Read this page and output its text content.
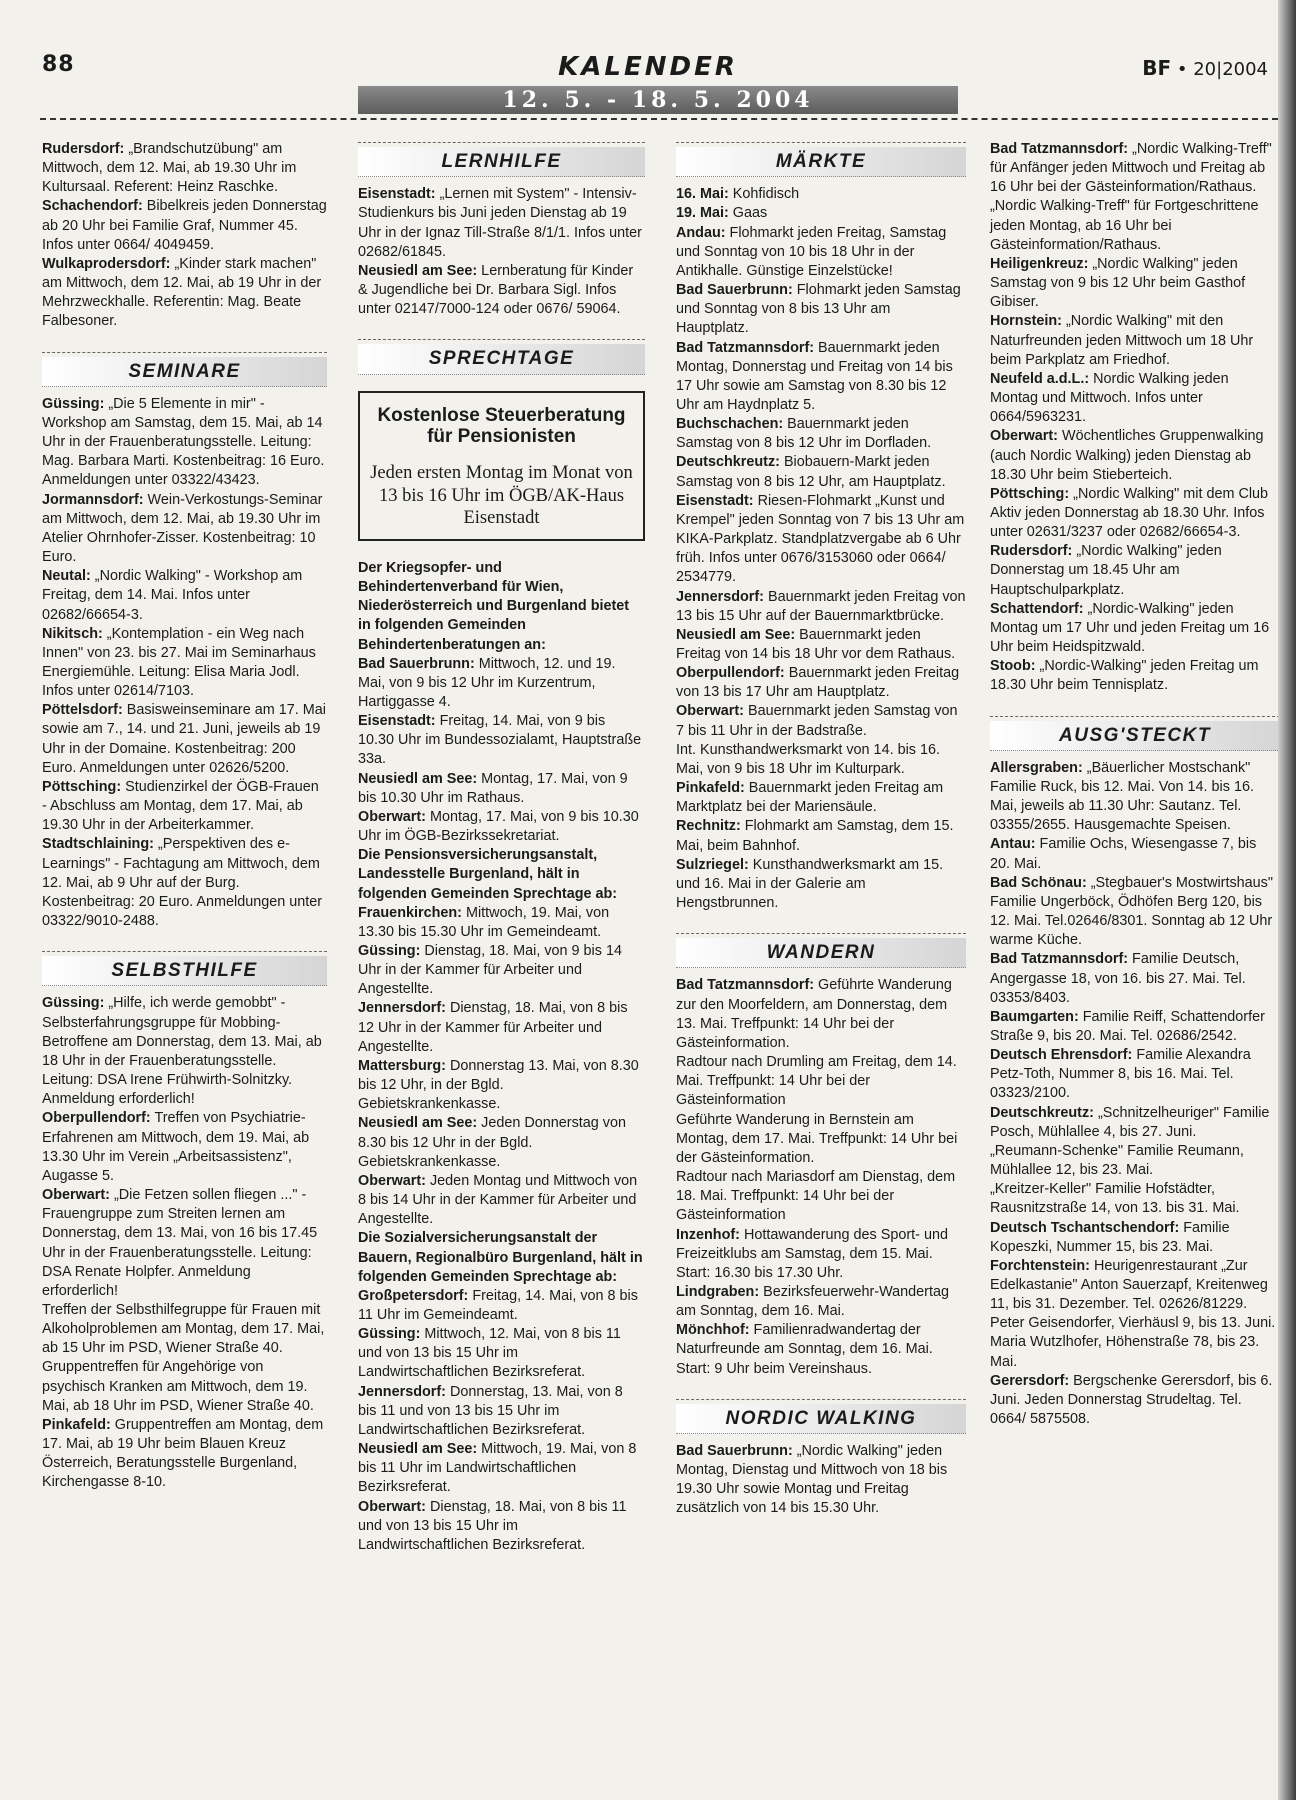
88	KALENDER	BF • 20|2004
12. 5. - 18. 5. 2004

Rudersdorf: „Brandschutzübung" am Mittwoch, dem 12. Mai, ab 19.30 Uhr im Kultursaal. Referent: Heinz Raschke.

Schachendorf: Bibelkreis jeden Donnerstag ab 20 Uhr bei Familie Graf, Nummer 45. Infos unter 0664/ 4049459.

Wulkaprodersdorf: „Kinder stark machen" am Mittwoch, dem 12. Mai, ab 19 Uhr in der Mehrzweckhalle. Referentin: Mag. Beate Falbesoner.

SEMINARE

Güssing: „Die 5 Elemente in mir" - Workshop am Samstag, dem 15. Mai, ab 14 Uhr in der Frauenberatungsstelle. Leitung: Mag. Barbara Marti. Kostenbeitrag: 16 Euro. Anmeldungen unter 03322/43423.

Jormannsdorf: Wein-Verkostungs-Seminar am Mittwoch, dem 12. Mai, ab 19.30 Uhr im Atelier Ohrnhofer-Zisser. Kostenbeitrag: 10 Euro.

Neutal: „Nordic Walking" - Workshop am Freitag, dem 14. Mai. Infos unter 02682/66654-3.

Nikitsch: „Kontemplation - ein Weg nach Innen" von 23. bis 27. Mai im Seminarhaus Energiemühle. Leitung: Elisa Maria Jodl. Infos unter 02614/7103.

Pöttelsdorf: Basisweinseminare am 17. Mai sowie am 7., 14. und 21. Juni, jeweils ab 19 Uhr in der Domaine. Kostenbeitrag: 200 Euro. Anmeldungen unter 02626/5200.

Pöttsching: Studienzirkel der ÖGB-Frauen - Abschluss am Montag, dem 17. Mai, ab 19.30 Uhr in der Arbeiterkammer.

Stadtschlaining: „Perspektiven des e-Learnings" - Fachtagung am Mittwoch, dem 12. Mai, ab 9 Uhr auf der Burg. Kostenbeitrag: 20 Euro. Anmeldungen unter 03322/9010-2488.

SELBSTHILFE

Güssing: „Hilfe, ich werde gemobbt" - Selbsterfahrungsgruppe für Mobbing-Betroffene am Donnerstag, dem 13. Mai, ab 18 Uhr in der Frauenberatungsstelle. Leitung: DSA Irene Frühwirth-Solnitzky. Anmeldung erforderlich!

Oberpullendorf: Treffen von Psychiatrie-Erfahrenen am Mittwoch, dem 19. Mai, ab 13.30 Uhr im Verein „Arbeitsassistenz", Augasse 5.

Oberwart: „Die Fetzen sollen fliegen ..." - Frauengruppe zum Streiten lernen am Donnerstag, dem 13. Mai, von 16 bis 17.45 Uhr in der Frauenberatungsstelle. Leitung: DSA Renate Holpfer. Anmeldung erforderlich!

Treffen der Selbsthilfegruppe für Frauen mit Alkoholproblemen am Montag, dem 17. Mai, ab 15 Uhr im PSD, Wiener Straße 40.

Gruppentreffen für Angehörige von psychisch Kranken am Mittwoch, dem 19. Mai, ab 18 Uhr im PSD, Wiener Straße 40.

Pinkafeld: Gruppentreffen am Montag, dem 17. Mai, ab 19 Uhr beim Blauen Kreuz Österreich, Beratungsstelle Burgenland, Kirchengasse 8-10.

LERNHILFE

Eisenstadt: „Lernen mit System" - Intensiv-Studienkurs bis Juni jeden Dienstag ab 19 Uhr in der Ignaz Till-Straße 8/1/1. Infos unter 02682/61845.

Neusiedl am See: Lernberatung für Kinder & Jugendliche bei Dr. Barbara Sigl. Infos unter 02147/7000-124 oder 0676/ 59064.

SPRECHTAGE
Kostenlose Steuerberatung für Pensionisten
Jeden ersten Montag im Monat von 13 bis 16 Uhr im ÖGB/AK-Haus Eisenstadt

Der Kriegsopfer- und Behindertenverband für Wien, Niederösterreich und Burgenland bietet in folgenden Gemeinden Behindertenberatungen an:

Bad Sauerbrunn: Mittwoch, 12. und 19. Mai, von 9 bis 12 Uhr im Kurzentrum, Hartiggasse 4.

Eisenstadt: Freitag, 14. Mai, von 9 bis 10.30 Uhr im Bundessozialamt, Hauptstraße 33a.

Neusiedl am See: Montag, 17. Mai, von 9 bis 10.30 Uhr im Rathaus.

Oberwart: Montag, 17. Mai, von 9 bis 10.30 Uhr im ÖGB-Bezirkssekretariat.

Die Pensionsversicherungsanstalt, Landesstelle Burgenland, hält in folgenden Gemeinden Sprechtage ab:

Frauenkirchen: Mittwoch, 19. Mai, von 13.30 bis 15.30 Uhr im Gemeindeamt.

Güssing: Dienstag, 18. Mai, von 9 bis 14 Uhr in der Kammer für Arbeiter und Angestellte.

Jennersdorf: Dienstag, 18. Mai, von 8 bis 12 Uhr in der Kammer für Arbeiter und Angestellte.

Mattersburg: Donnerstag 13. Mai, von 8.30 bis 12 Uhr, in der Bgld. Gebietskrankenkasse.

Neusiedl am See: Jeden Donnerstag von 8.30 bis 12 Uhr in der Bgld. Gebietskrankenkasse.

Oberwart: Jeden Montag und Mittwoch von 8 bis 14 Uhr in der Kammer für Arbeiter und Angestellte.

Die Sozialversicherungsanstalt der Bauern, Regionalbüro Burgenland, hält in folgenden Gemeinden Sprechtage ab:

Großpetersdorf: Freitag, 14. Mai, von 8 bis 11 Uhr im Gemeindeamt.

Güssing: Mittwoch, 12. Mai, von 8 bis 11 und von 13 bis 15 Uhr im Landwirtschaftlichen Bezirksreferat.

Jennersdorf: Donnerstag, 13. Mai, von 8 bis 11 und von 13 bis 15 Uhr im Landwirtschaftlichen Bezirksreferat.

Neusiedl am See: Mittwoch, 19. Mai, von 8 bis 11 Uhr im Landwirtschaftlichen Bezirksreferat.

Oberwart: Dienstag, 18. Mai, von 8 bis 11 und von 13 bis 15 Uhr im Landwirtschaftlichen Bezirksreferat.

MÄRKTE

16. Mai: Kohfidisch

19. Mai: Gaas

Andau: Flohmarkt jeden Freitag, Samstag und Sonntag von 10 bis 18 Uhr in der Antikhalle. Günstige Einzelstücke!

Bad Sauerbrunn: Flohmarkt jeden Samstag und Sonntag von 8 bis 13 Uhr am Hauptplatz.

Bad Tatzmannsdorf: Bauernmarkt jeden Montag, Donnerstag und Freitag von 14 bis 17 Uhr sowie am Samstag von 8.30 bis 12 Uhr am Haydnplatz 5.

Buchschachen: Bauernmarkt jeden Samstag von 8 bis 12 Uhr im Dorfladen.

Deutschkreutz: Biobauern-Markt jeden Samstag von 8 bis 12 Uhr, am Hauptplatz.

Eisenstadt: Riesen-Flohmarkt „Kunst und Krempel" jeden Sonntag von 7 bis 13 Uhr am KIKA-Parkplatz. Standplatzvergabe ab 6 Uhr früh. Infos unter 0676/3153060 oder 0664/ 2534779.

Jennersdorf: Bauernmarkt jeden Freitag von 13 bis 15 Uhr auf der Bauernmarktbrücke.

Neusiedl am See: Bauernmarkt jeden Freitag von 14 bis 18 Uhr vor dem Rathaus.

Oberpullendorf: Bauernmarkt jeden Freitag von 13 bis 17 Uhr am Hauptplatz.

Oberwart: Bauernmarkt jeden Samstag von 7 bis 11 Uhr in der Badstraße.

Int. Kunsthandwerksmarkt von 14. bis 16. Mai, von 9 bis 18 Uhr im Kulturpark.

Pinkafeld: Bauernmarkt jeden Freitag am Marktplatz bei der Mariensäule.

Rechnitz: Flohmarkt am Samstag, dem 15. Mai, beim Bahnhof.

Sulzriegel: Kunsthandwerksmarkt am 15. und 16. Mai in der Galerie am Hengstbrunnen.

WANDERN

Bad Tatzmannsdorf: Geführte Wanderung zur den Moorfeldern, am Donnerstag, dem 13. Mai. Treffpunkt: 14 Uhr bei der Gästeinformation.

Radtour nach Drumling am Freitag, dem 14. Mai. Treffpunkt: 14 Uhr bei der Gästeinformation

Geführte Wanderung in Bernstein am Montag, dem 17. Mai. Treffpunkt: 14 Uhr bei der Gästeinformation.

Radtour nach Mariasdorf am Dienstag, dem 18. Mai. Treffpunkt: 14 Uhr bei der Gästeinformation

Inzenhof: Hottawanderung des Sport- und Freizeitklubs am Samstag, dem 15. Mai. Start: 16.30 bis 17.30 Uhr.

Lindgraben: Bezirksfeuerwehr-Wandertag am Sonntag, dem 16. Mai.

Mönchhof: Familienradwandertag der Naturfreunde am Sonntag, dem 16. Mai. Start: 9 Uhr beim Vereinshaus.

NORDIC WALKING

Bad Sauerbrunn: „Nordic Walking" jeden Montag, Dienstag und Mittwoch von 18 bis 19.30 Uhr sowie Montag und Freitag zusätzlich von 14 bis 15.30 Uhr.

Bad Tatzmannsdorf: „Nordic Walking-Treff" für Anfänger jeden Mittwoch und Freitag ab 16 Uhr bei der Gästeinformation/Rathaus.

„Nordic Walking-Treff" für Fortgeschrittene jeden Montag, ab 16 Uhr bei Gästeinformation/Rathaus.

Heiligenkreuz: „Nordic Walking" jeden Samstag von 9 bis 12 Uhr beim Gasthof Gibiser.

Hornstein: „Nordic Walking" mit den Naturfreunden jeden Mittwoch um 18 Uhr beim Parkplatz am Friedhof.

Neufeld a.d.L.: Nordic Walking jeden Montag und Mittwoch. Infos unter 0664/5963231.

Oberwart: Wöchentliches Gruppenwalking (auch Nordic Walking) jeden Dienstag ab 18.30 Uhr beim Stieberteich.

Pöttsching: „Nordic Walking" mit dem Club Aktiv jeden Donnerstag ab 18.30 Uhr. Infos unter 02631/3237 oder 02682/66654-3.

Rudersdorf: „Nordic Walking" jeden Donnerstag um 18.45 Uhr am Hauptschulparkplatz.

Schattendorf: „Nordic-Walking" jeden Montag um 17 Uhr und jeden Freitag um 16 Uhr beim Heidspitzwald.

Stoob: „Nordic-Walking" jeden Freitag um 18.30 Uhr beim Tennisplatz.

AUSG'STECKT

Allersgraben: „Bäuerlicher Mostschank" Familie Ruck, bis 12. Mai. Von 14. bis 16. Mai, jeweils ab 11.30 Uhr: Sautanz. Tel. 03355/2655. Hausgemachte Speisen.

Antau: Familie Ochs, Wiesengasse 7, bis 20. Mai.

Bad Schönau: „Stegbauer's Mostwirtshaus" Familie Ungerböck, Ödhöfen Berg 120, bis 12. Mai. Tel.02646/8301. Sonntag ab 12 Uhr warme Küche.

Bad Tatzmannsdorf: Familie Deutsch, Angergasse 18, von 16. bis 27. Mai. Tel. 03353/8403.

Baumgarten: Familie Reiff, Schattendorfer Straße 9, bis 20. Mai. Tel. 02686/2542.

Deutsch Ehrensdorf: Familie Alexandra Petz-Toth, Nummer 8, bis 16. Mai. Tel. 03323/2100.

Deutschkreutz: „Schnitzelheuriger" Familie Posch, Mühlallee 4, bis 27. Juni.

„Reumann-Schenke" Familie Reumann, Mühlallee 12, bis 23. Mai.

„Kreitzer-Keller" Familie Hofstädter, Rausnitzstraße 14, von 13. bis 31. Mai.

Deutsch Tschantschendorf: Familie Kopeszki, Nummer 15, bis 23. Mai.

Forchtenstein: Heurigenrestaurant „Zur Edelkastanie" Anton Sauerzapf, Kreitenweg 11, bis 31. Dezember. Tel. 02626/81229.

Peter Geisendorfer, Vierhäusl 9, bis 13. Juni.

Maria Wutzlhofer, Höhenstraße 78, bis 23. Mai.

Gerersdorf: Bergschenke Gerersdorf, bis 6. Juni. Jeden Donnerstag Strudeltag. Tel. 0664/ 5875508.
